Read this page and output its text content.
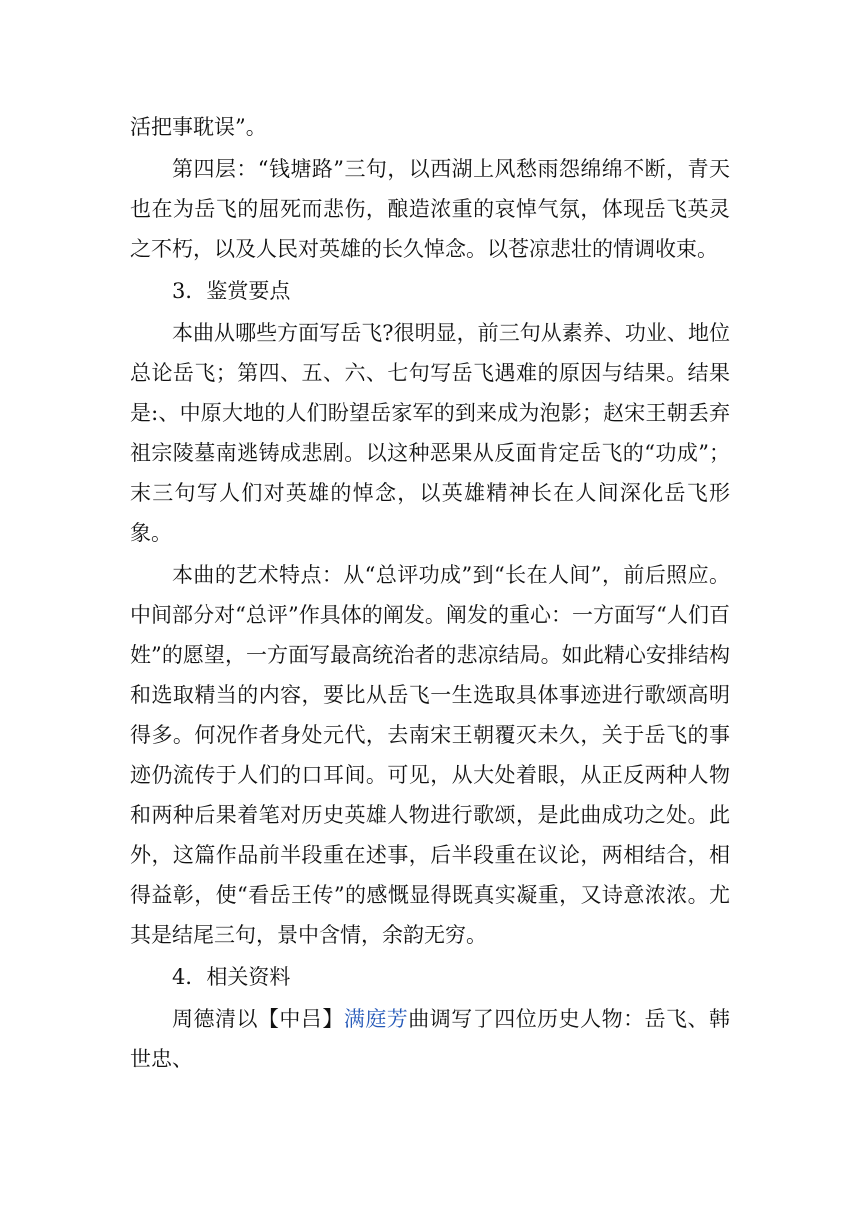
活把事耽误”。

第四层：“钱塘路”三句，以西湖上风愁雨怨绵绵不断，青天也在为岳飞的屈死而悲伤，酿造浓重的哀悼气氛，体现岳飞英灵之不朽，以及人民对英雄的长久悼念。以苍凉悲壮的情调收束。

3．鉴赏要点

本曲从哪些方面写岳飞?很明显，前三句从素养、功业、地位总论岳飞；第四、五、六、七句写岳飞遇难的原因与结果。结果是:、中原大地的人们盼望岳家军的到来成为泡影；赵宋王朝丢弃祖宗陵墓南逃铸成悲剧。以这种恶果从反面肯定岳飞的“功成”；末三句写人们对英雄的悼念，以英雄精神长在人间深化岳飞形象。

本曲的艺术特点：从“总评功成”到“长在人间”，前后照应。中间部分对“总评”作具体的阐发。阐发的重心：一方面写“人们百姓”的愿望，一方面写最高统治者的悲凉结局。如此精心安排结构和选取精当的内容，要比从岳飞一生选取具体事迹进行歌颂高明得多。何况作者身处元代，去南宋王朝覆灭未久，关于岳飞的事迹仍流传于人们的口耳间。可见，从大处着眼，从正反两种人物和两种后果着笔对历史英雄人物进行歌颂，是此曲成功之处。此外，这篇作品前半段重在述事，后半段重在议论，两相结合，相得益彰，使“看岳王传”的感慨显得既真实凝重，又诗意浓浓。尤其是结尾三句，景中含情，余韵无穷。

4．相关资料

周德清以【中吕】满庭芳曲调写了四位历史人物：岳飞、韩世忠、
